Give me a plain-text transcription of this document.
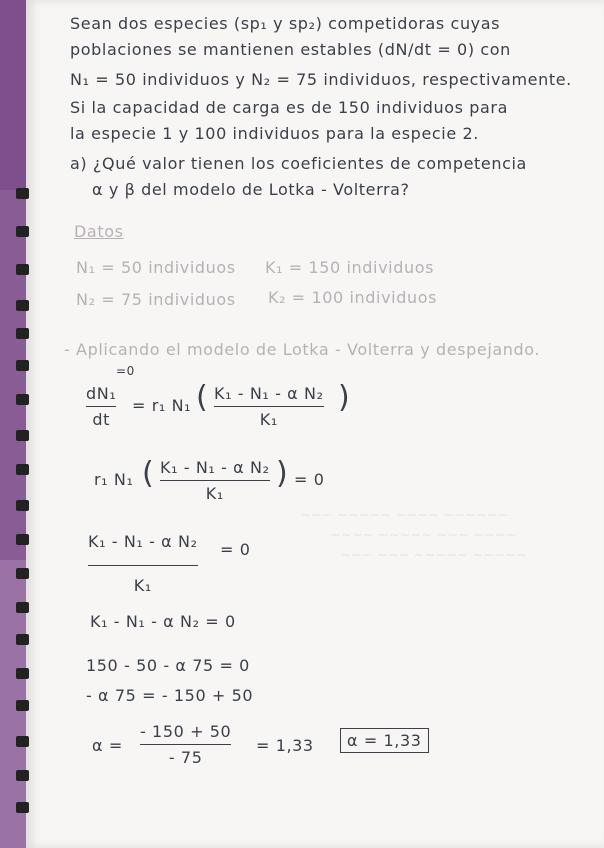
~~~ ~~~~~ ~~~~ ~~~~~~
~~~~ ~~~~~ ~~~ ~~~~
~~~ ~~~ ~~~~~ ~~~~~
Sean dos especies (sp₁ y sp₂) competidoras cuyas
poblaciones se mantienen estables (dN/dt = 0) con
N₁ = 50 individuos y N₂ = 75 individuos, respectivamente.
Si la capacidad de carga es de 150 individuos para
la especie 1 y 100 individuos para la especie 2.
a) ¿Qué valor tienen los coeficientes de competencia
α y β del modelo de Lotka - Volterra?
Datos
N₁ = 50 individuos K₁ = 150 individuos
N₂ = 75 individuos K₂ = 100 individuos
- Aplicando el modelo de Lotka - Volterra y despejando.
=0
dN₁
dt
= r₁ N₁ ( K₁ - N₁ - α N₂
K₁
)
r₁ N₁ ( K₁ - N₁ - α N₂
K₁
) = 0
K₁ - N₁ - α N₂
K₁
= 0
K₁ - N₁ - α N₂ = 0
150 - 50 - α 75 = 0
- α 75 = - 150 + 50
α =
- 150 + 50
- 75
= 1,33	α = 1,33
